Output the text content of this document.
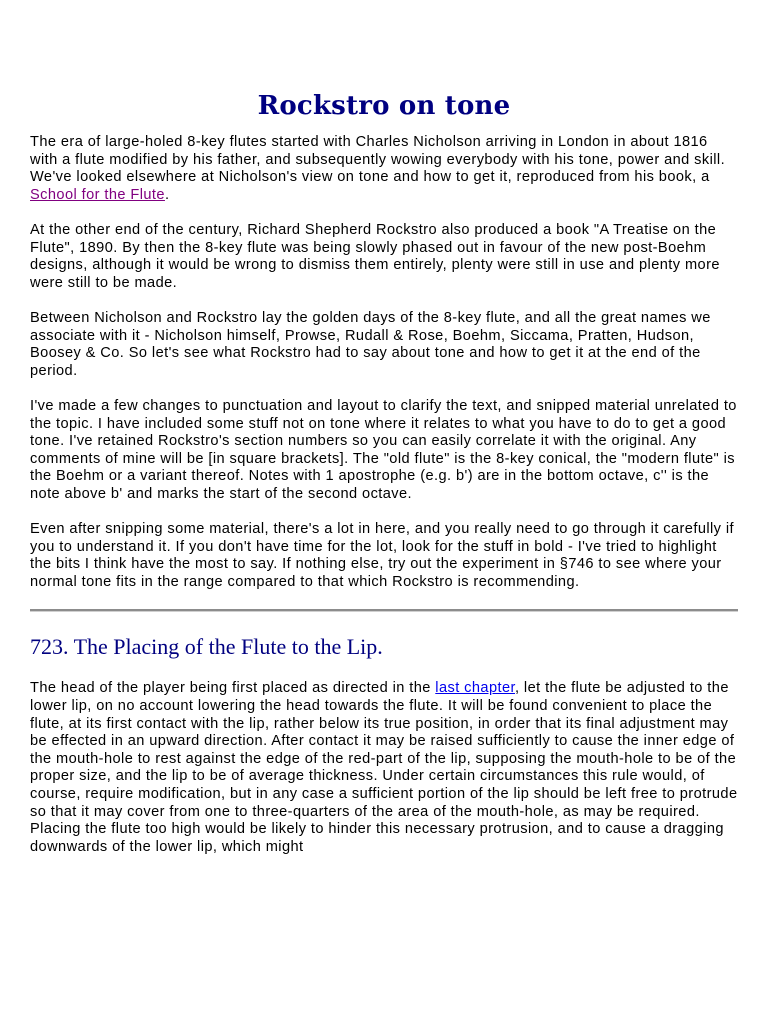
Rockstro on tone

The era of large-holed 8-key flutes started with Charles Nicholson arriving in London in about 1816 with a flute modified by his father, and subsequently wowing everybody with his tone, power and skill. We've looked elsewhere at Nicholson's view on tone and how to get it, reproduced from his book, a School for the Flute.

At the other end of the century, Richard Shepherd Rockstro also produced a book "A Treatise on the Flute", 1890. By then the 8-key flute was being slowly phased out in favour of the new post-Boehm designs, although it would be wrong to dismiss them entirely, plenty were still in use and plenty more were still to be made.

Between Nicholson and Rockstro lay the golden days of the 8-key flute, and all the great names we associate with it - Nicholson himself, Prowse, Rudall & Rose, Boehm, Siccama, Pratten, Hudson, Boosey & Co. So let's see what Rockstro had to say about tone and how to get it at the end of the period.

I've made a few changes to punctuation and layout to clarify the text, and snipped material unrelated to the topic. I have included some stuff not on tone where it relates to what you have to do to get a good tone. I've retained Rockstro's section numbers so you can easily correlate it with the original. Any comments of mine will be [in square brackets]. The "old flute" is the 8-key conical, the "modern flute" is the Boehm or a variant thereof. Notes with 1 apostrophe (e.g. b') are in the bottom octave, c'' is the note above b' and marks the start of the second octave.

Even after snipping some material, there's a lot in here, and you really need to go through it carefully if you to understand it. If you don't have time for the lot, look for the stuff in bold - I've tried to highlight the bits I think have the most to say. If nothing else, try out the experiment in §746 to see where your normal tone fits in the range compared to that which Rockstro is recommending.

723. The Placing of the Flute to the Lip.

The head of the player being first placed as directed in the last chapter, let the flute be adjusted to the lower lip, on no account lowering the head towards the flute. It will be found convenient to place the flute, at its first contact with the lip, rather below its true position, in order that its final adjustment may be effected in an upward direction. After contact it may be raised sufficiently to cause the inner edge of the mouth-hole to rest against the edge of the red-part of the lip, supposing the mouth-hole to be of the proper size, and the lip to be of average thickness. Under certain circumstances this rule would, of course, require modification, but in any case a sufficient portion of the lip should be left free to protrude so that it may cover from one to three-quarters of the area of the mouth-hole, as may be required. Placing the flute too high would be likely to hinder this necessary protrusion, and to cause a dragging downwards of the lower lip, which might
